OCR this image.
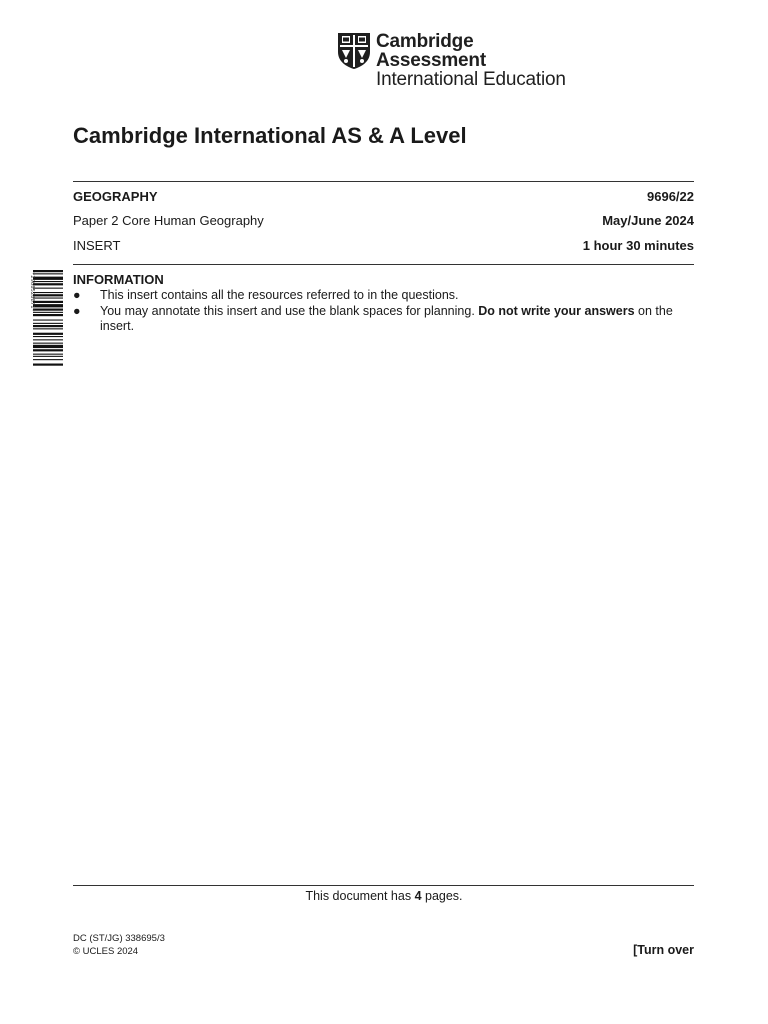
Cambridge Assessment
International Education
Cambridge International AS & A Level
GEOGRAPHY	9696/22
Paper 2 Core Human Geography	May/June 2024
INSERT	1 hour 30 minutes
INFORMATION
● This insert contains all the resources referred to in the questions.
● You may annotate this insert and use the blank spaces for planning. Do not write your answers on the insert.
*2968528871*
This document has 4 pages.
DC (ST/JG) 338695/3
© UCLES 2024	[Turn over
